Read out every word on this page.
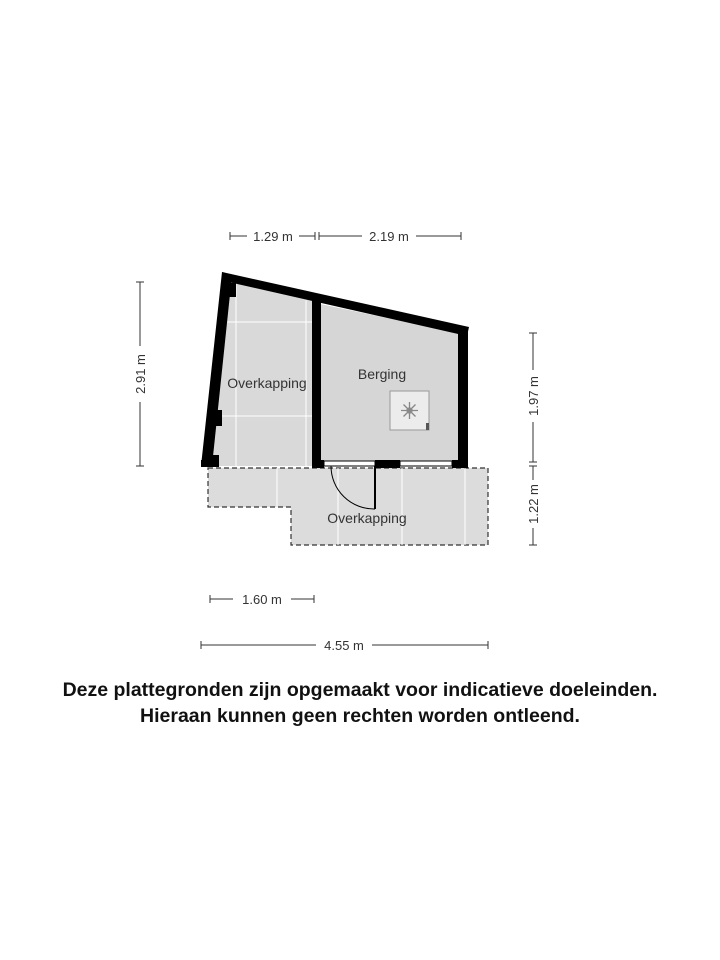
Overkapping
Berging
Overkapping
1.29 m	2.19 m
2.91 m
1.97 m
1.22 m
1.60 m
4.55 m

Deze plattegronden zijn opgemaakt voor indicatieve doeleinden.

Hieraan kunnen geen rechten worden ontleend.
